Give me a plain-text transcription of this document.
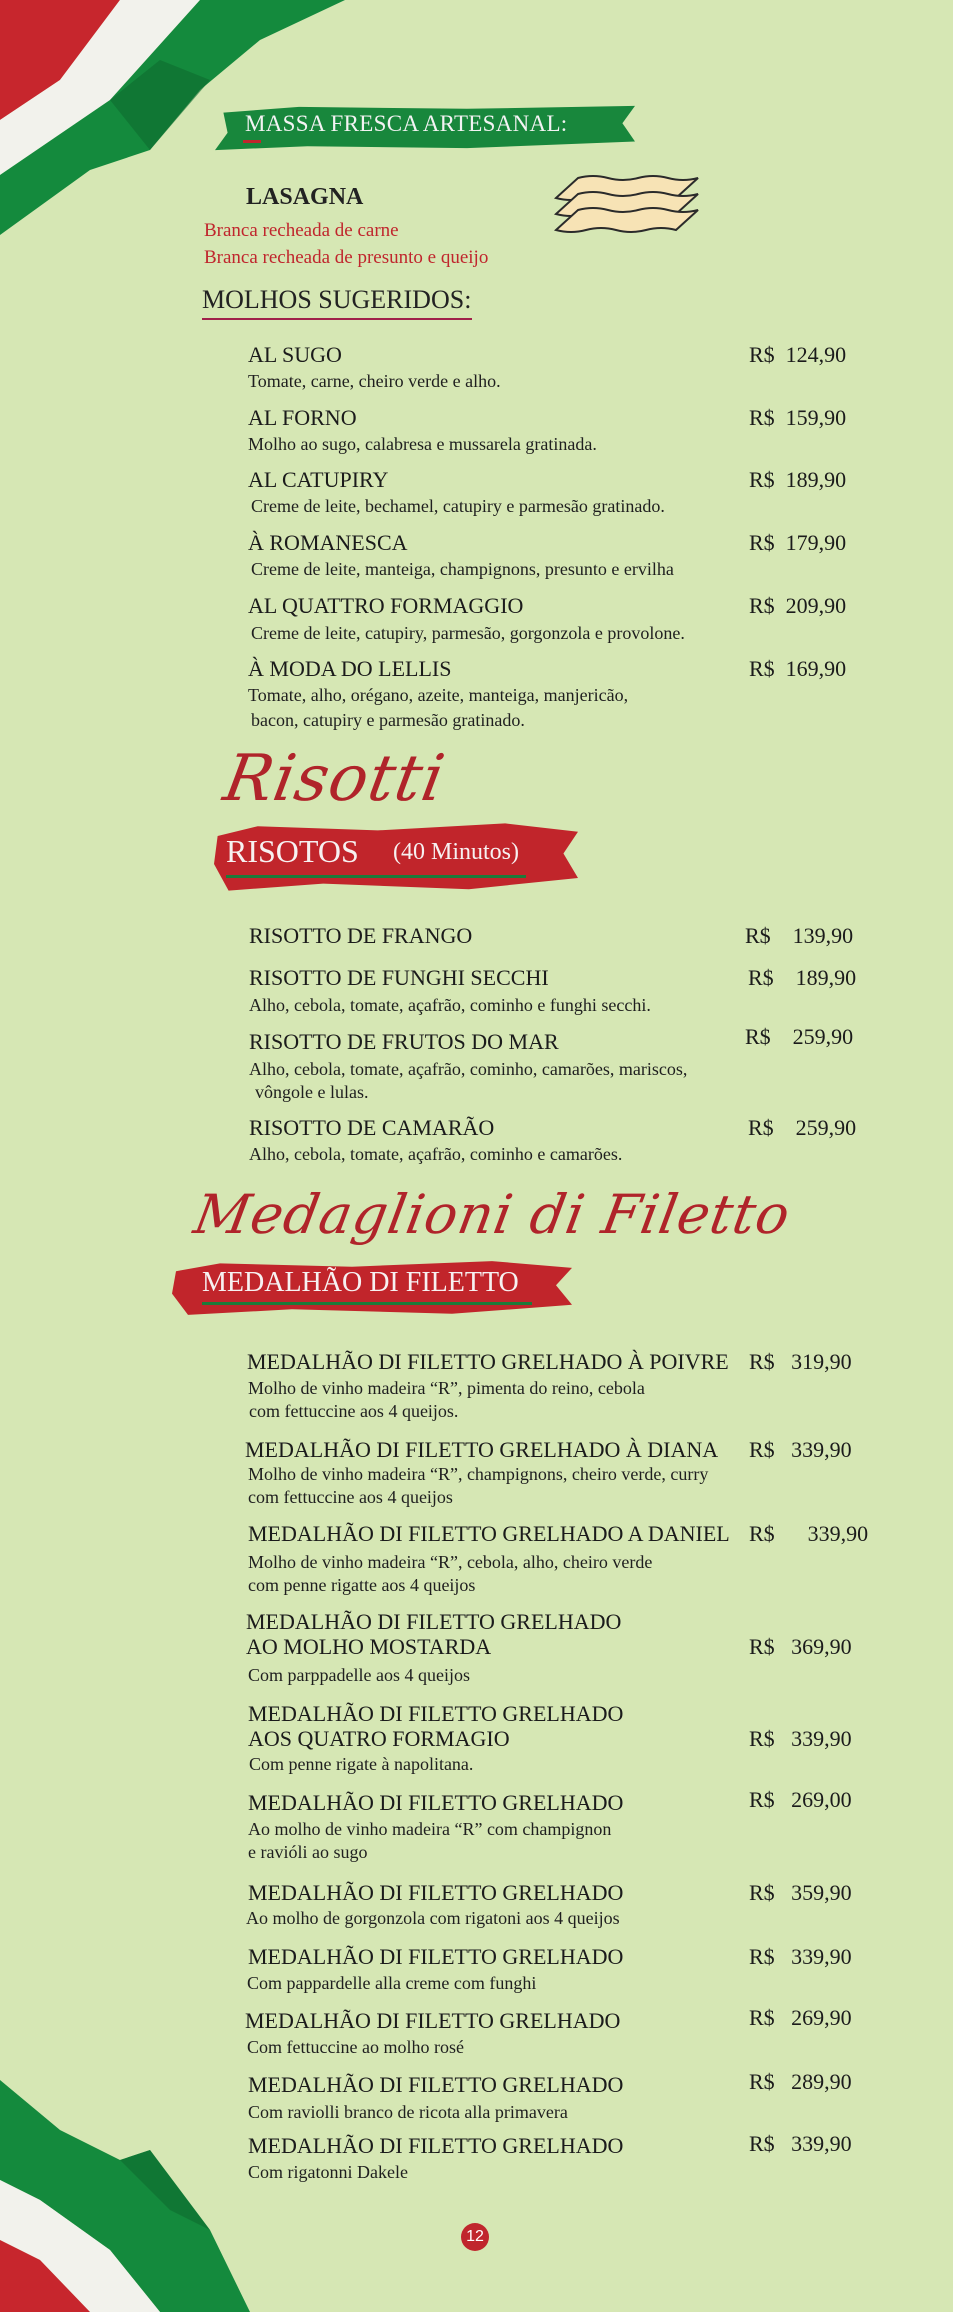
MASSA FRESCA ARTESANAL:
LASAGNA
Branca recheada de carne
Branca recheada de presunto e queijo
MOLHOS SUGERIDOS:
AL SUGO	R$  124,90
Tomate, carne, cheiro verde e alho.
AL FORNO	R$  159,90
Molho ao sugo, calabresa e mussarela gratinada.
AL CATUPIRY	R$  189,90
Creme de leite, bechamel, catupiry e parmesão gratinado.
À ROMANESCA	R$  179,90
Creme de leite, manteiga, champignons, presunto e ervilha
AL QUATTRO FORMAGGIO	R$  209,90
Creme de leite, catupiry, parmesão, gorgonzola e provolone.
À MODA DO LELLIS	R$  169,90
Tomate, alho, orégano, azeite, manteiga, manjericão,
bacon, catupiry e parmesão gratinado.
Risotti
RISOTOS (40 Minutos)
RISOTTO DE FRANGO	R$    139,90
RISOTTO DE FUNGHI SECCHI	R$    189,90
Alho, cebola, tomate, açafrão, cominho e funghi secchi.
RISOTTO DE FRUTOS DO MAR	R$    259,90
Alho, cebola, tomate, açafrão, cominho, camarões, mariscos,
vôngole e lulas.
RISOTTO DE CAMARÃO	R$    259,90
Alho, cebola, tomate, açafrão, cominho e camarões.
Medaglioni di Filetto
MEDALHÃO DI FILETTO
MEDALHÃO DI FILETTO GRELHADO À POIVRE R$   319,90
Molho de vinho madeira “R”, pimenta do reino, cebola
com fettuccine aos 4 queijos.
MEDALHÃO DI FILETTO GRELHADO À DIANA R$   339,90
Molho de vinho madeira “R”, champignons, cheiro verde, curry
com fettuccine aos 4 queijos
MEDALHÃO DI FILETTO GRELHADO A DANIEL R$      339,90
Molho de vinho madeira “R”, cebola, alho, cheiro verde
com penne rigatte aos 4 queijos
MEDALHÃO DI FILETTO GRELHADO
AO MOLHO MOSTARDA	R$   369,90
Com parppadelle aos 4 queijos
MEDALHÃO DI FILETTO GRELHADO
AOS QUATRO FORMAGIO	R$   339,90
Com penne rigate à napolitana.
MEDALHÃO DI FILETTO GRELHADO	R$   269,00
Ao molho de vinho madeira “R” com champignon
e ravióli ao sugo
MEDALHÃO DI FILETTO GRELHADO	R$   359,90
Ao molho de gorgonzola com rigatoni aos 4 queijos
MEDALHÃO DI FILETTO GRELHADO	R$   339,90
Com pappardelle alla creme com funghi
MEDALHÃO DI FILETTO GRELHADO	R$   269,90
Com fettuccine ao molho rosé
MEDALHÃO DI FILETTO GRELHADO	R$   289,90
Com raviolli branco de ricota alla primavera
MEDALHÃO DI FILETTO GRELHADO	R$   339,90
Com rigatonni Dakele
12
